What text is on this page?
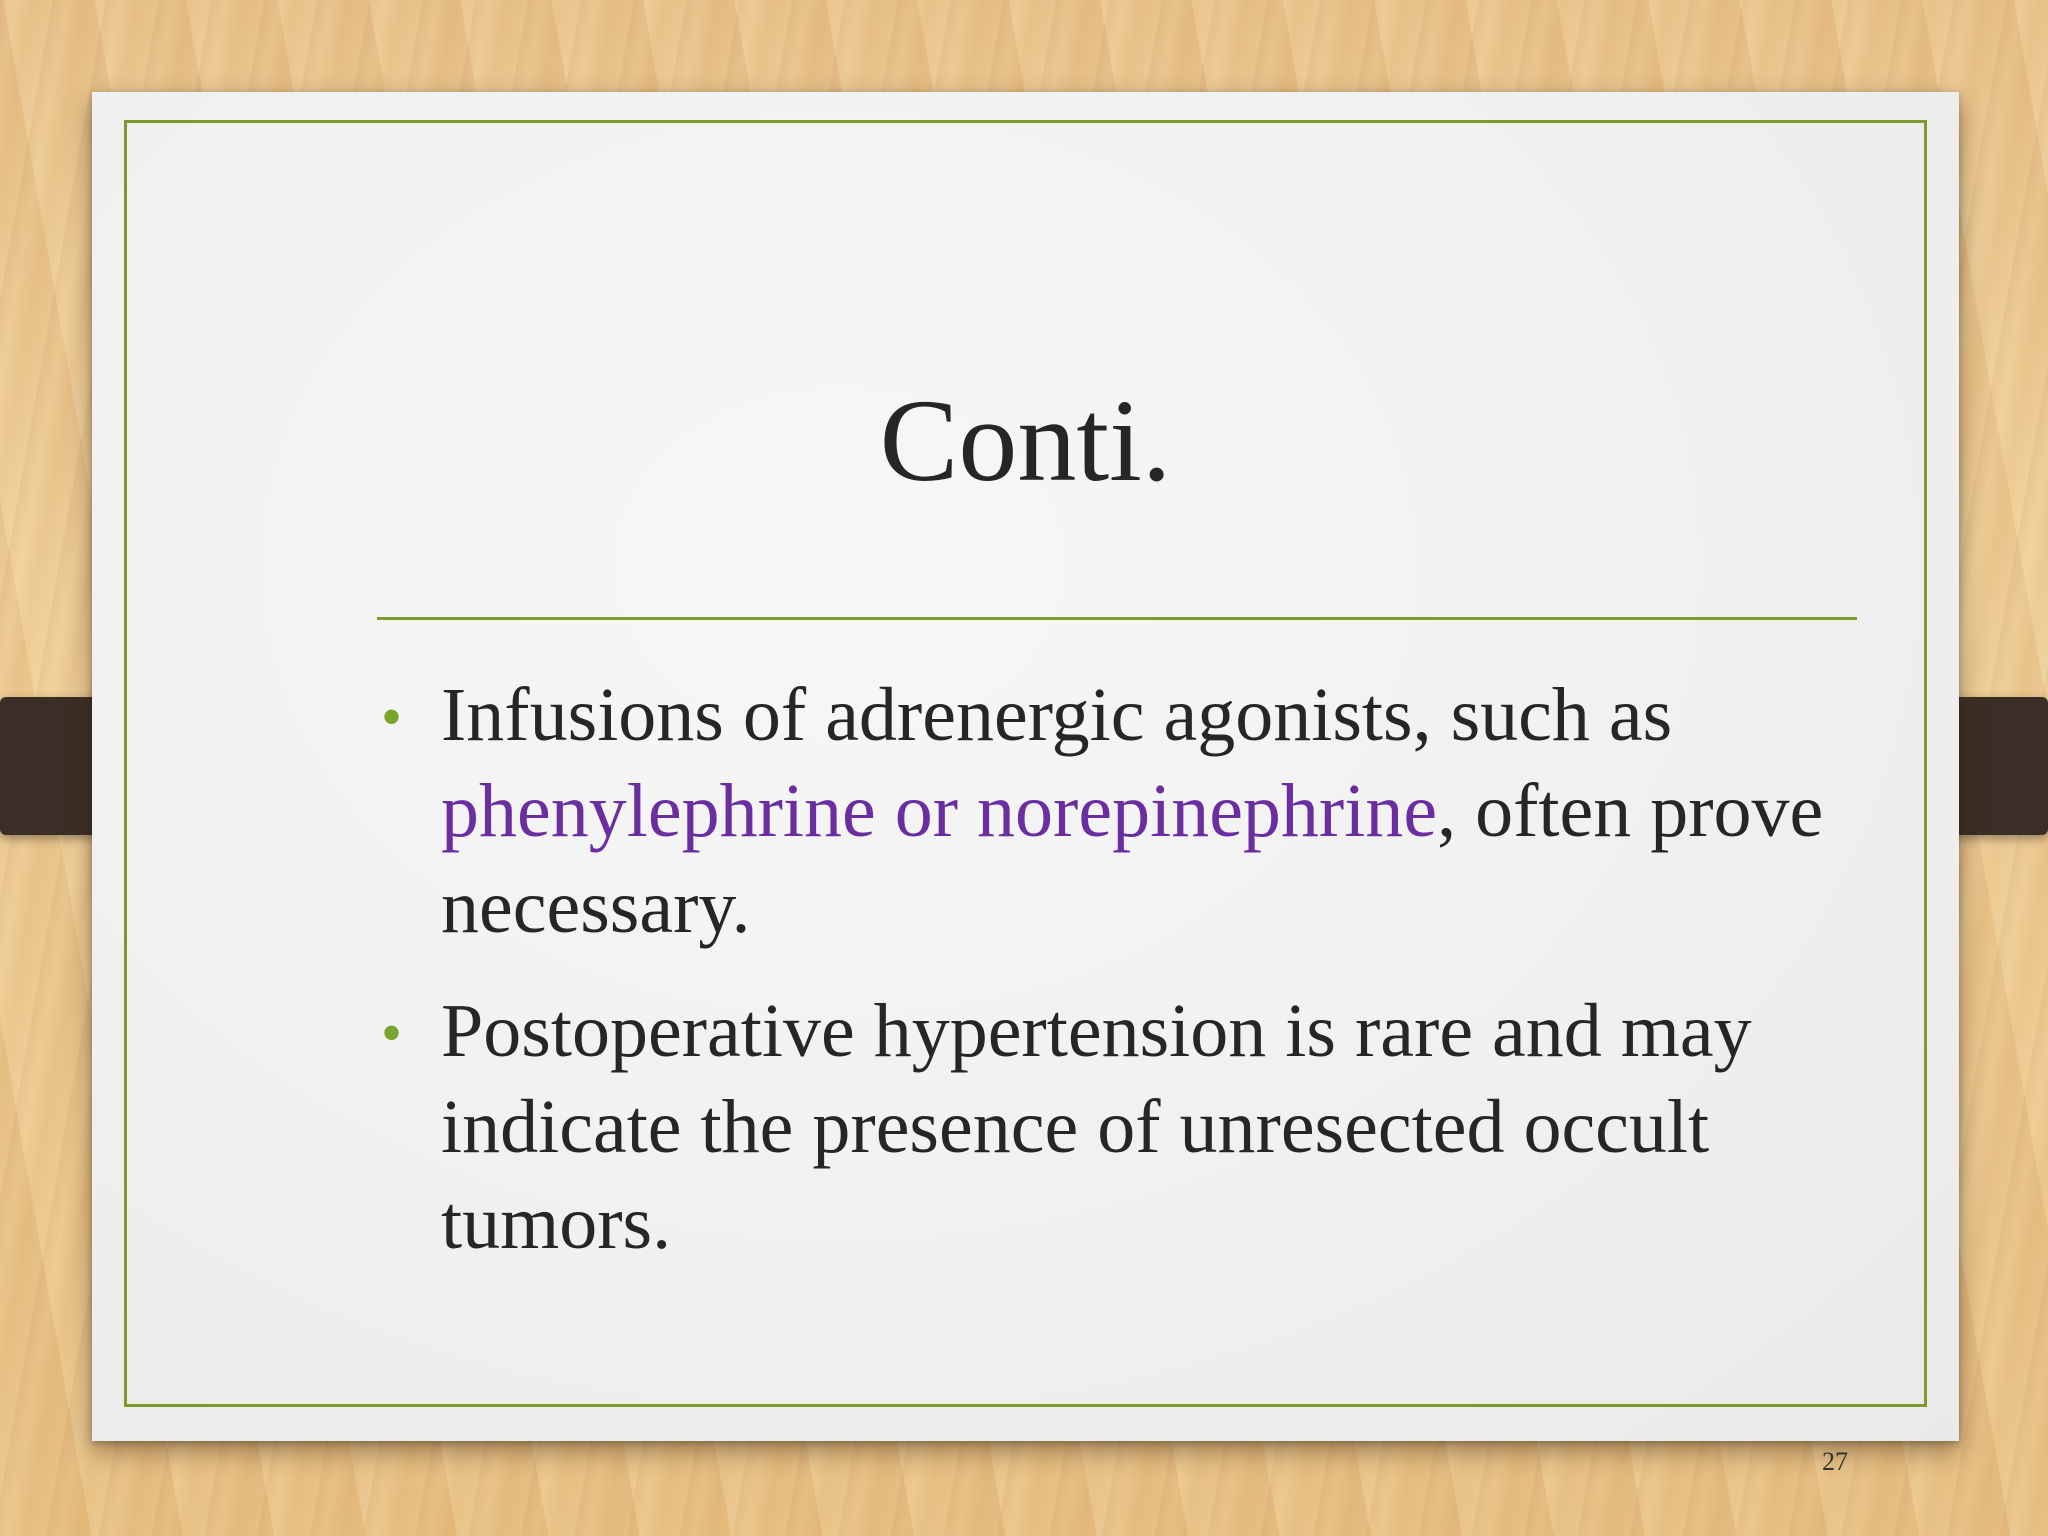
Conti.
• Infusions of adrenergic agonists, such as phenylephrine or norepinephrine, often prove necessary.
• Postoperative hypertension is rare and may indicate the presence of unresected occult tumors.
27
